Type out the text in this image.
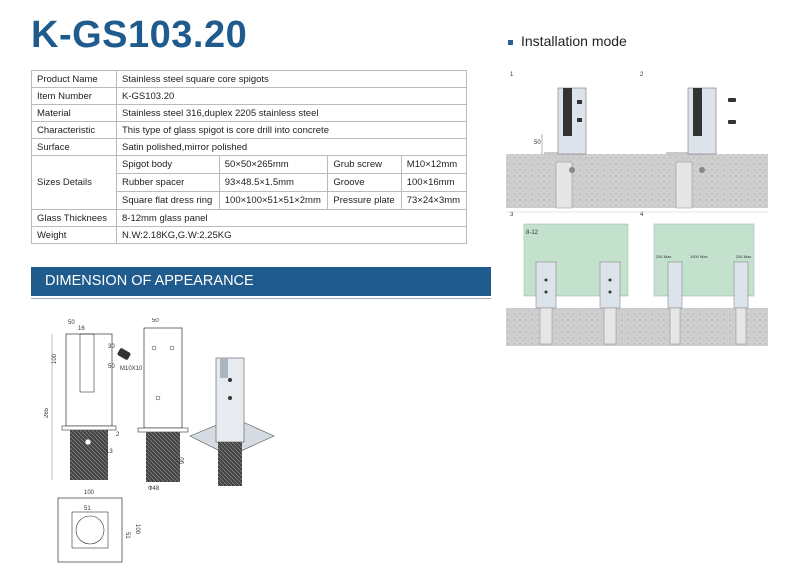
K-GS103.20	Installation mode
Product Name	Stainless steel square core spigots			
Item Number	K-GS103.20			
Material	Stainless steel 316,duplex 2205 stainless steel			
Characteristic	This type of glass spigot is core drill into concrete			
Surface	Satin polished,mirror polished			
Sizes Details	Spigot body	50×50×265mm	Grub screw	M10×12mm
	Rubber spacer	93×48.5×1.5mm	Groove	100×16mm
	Square flat dress ring	100×100×51×51×2mm	Pressure plate	73×24×3mm
Glass Thicknees	8-12mm glass panel			
Weight	N.W:2.18KG,G.W:2.25KG			
DIMENSION OF APPEARANCE
1	2
3	4
50
8-12
250 Max	1000 Max	250 Max
50
16
100
265
30
50
2
13
100
51
51
100
M10X10
50
Ф48
90
